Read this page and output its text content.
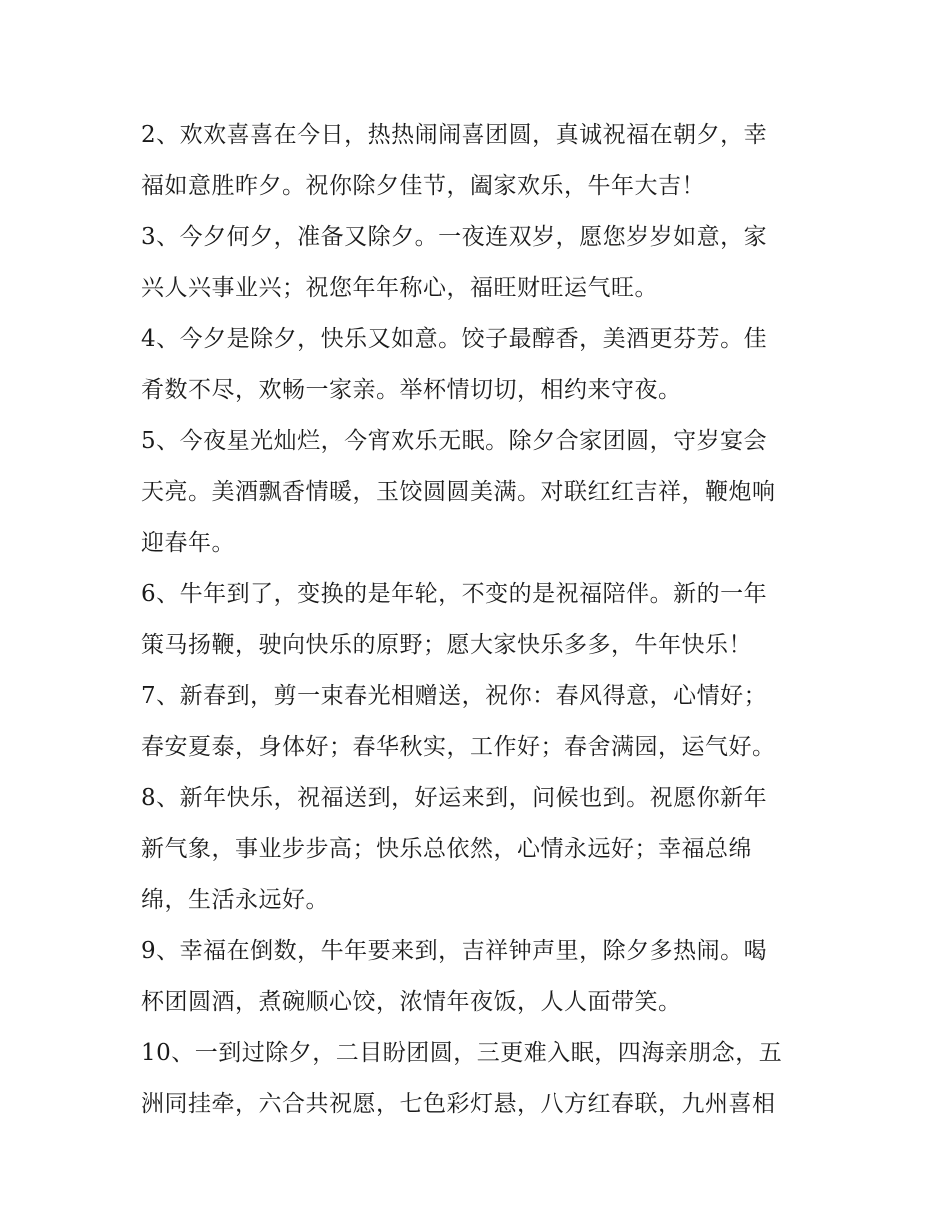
2、欢欢喜喜在今日，热热闹闹喜团圆，真诚祝福在朝夕，幸
福如意胜昨夕。祝你除夕佳节，阖家欢乐，牛年大吉！
3、今夕何夕，准备又除夕。一夜连双岁，愿您岁岁如意，家
兴人兴事业兴；祝您年年称心，福旺财旺运气旺。
4、今夕是除夕，快乐又如意。饺子最醇香，美酒更芬芳。佳
肴数不尽，欢畅一家亲。举杯情切切，相约来守夜。
5、今夜星光灿烂，今宵欢乐无眠。除夕合家团圆，守岁宴会
天亮。美酒飘香情暖，玉饺圆圆美满。对联红红吉祥，鞭炮响
迎春年。
6、牛年到了，变换的是年轮，不变的是祝福陪伴。新的一年
策马扬鞭，驶向快乐的原野；愿大家快乐多多，牛年快乐！
7、新春到，剪一束春光相赠送，祝你：春风得意，心情好；
春安夏泰，身体好；春华秋实，工作好；春舍满园，运气好。
8、新年快乐，祝福送到，好运来到，问候也到。祝愿你新年
新气象，事业步步高；快乐总依然，心情永远好；幸福总绵
绵，生活永远好。
9、幸福在倒数，牛年要来到，吉祥钟声里，除夕多热闹。喝
杯团圆酒，煮碗顺心饺，浓情年夜饭，人人面带笑。
10、一到过除夕，二目盼团圆，三更难入眠，四海亲朋念，五
洲同挂牵，六合共祝愿，七色彩灯悬，八方红春联，九州喜相
